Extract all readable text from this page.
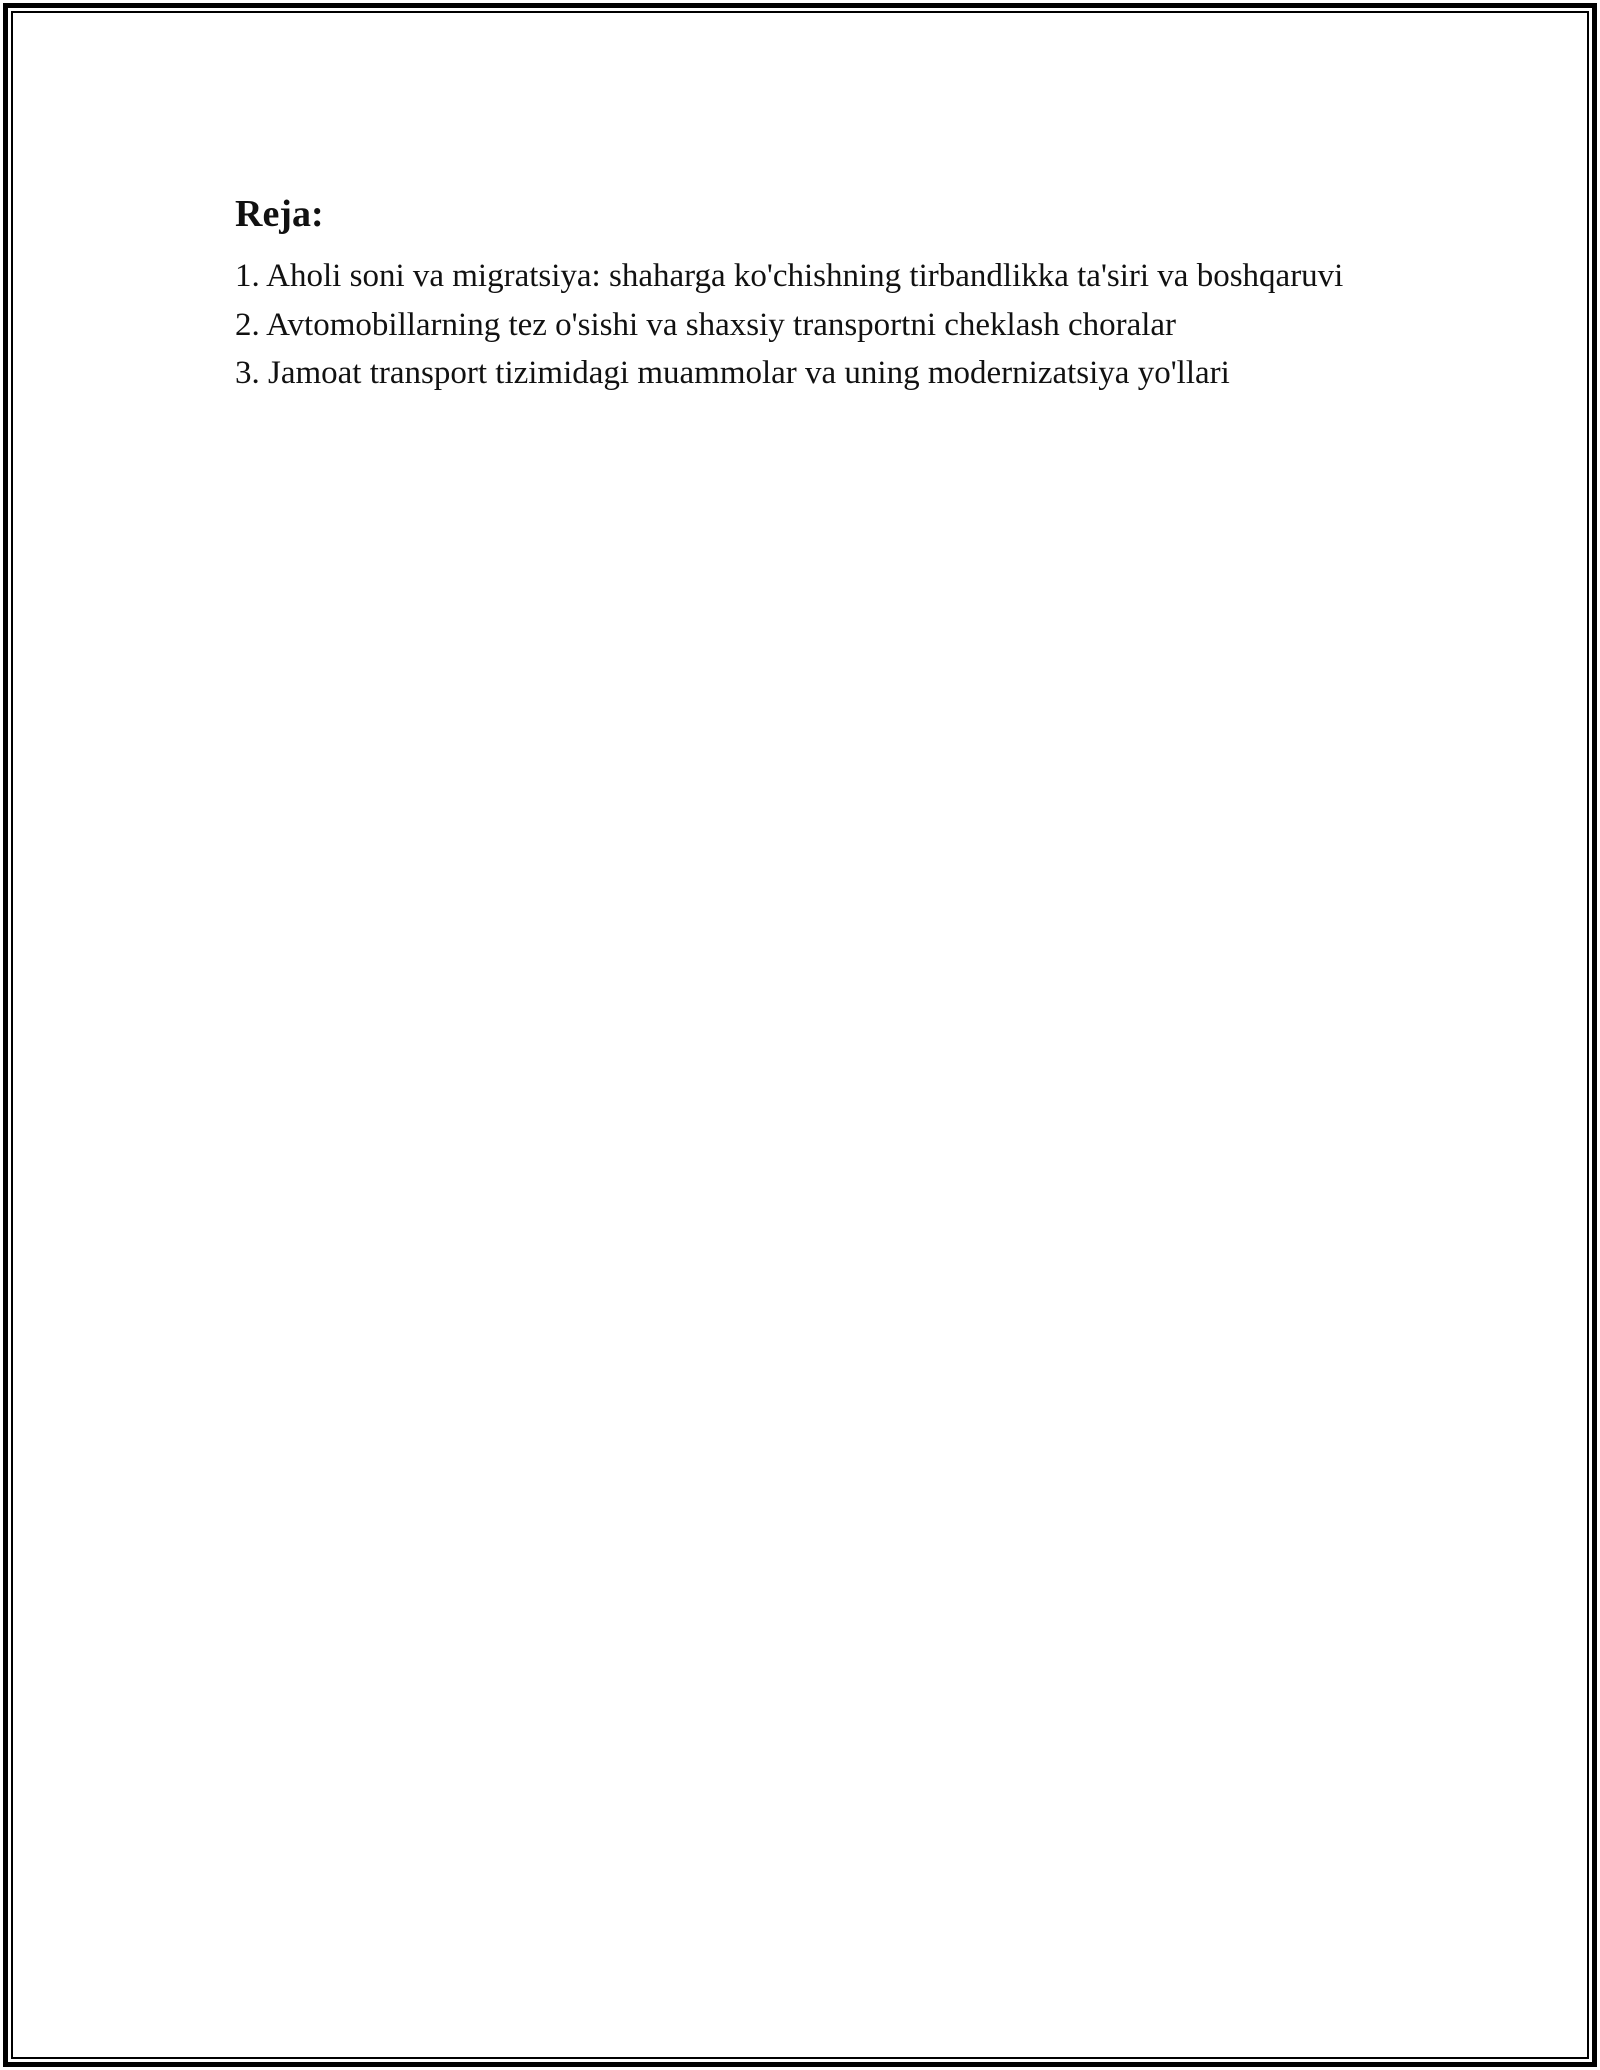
Reja:
1. Aholi soni va migratsiya: shaharga ko'chishning tirbandlikka ta'siri va boshqaruvi
2. Avtomobillarning tez o'sishi va shaxsiy transportni cheklash choralar
3. Jamoat transport tizimidagi muammolar va uning modernizatsiya yo'llari
